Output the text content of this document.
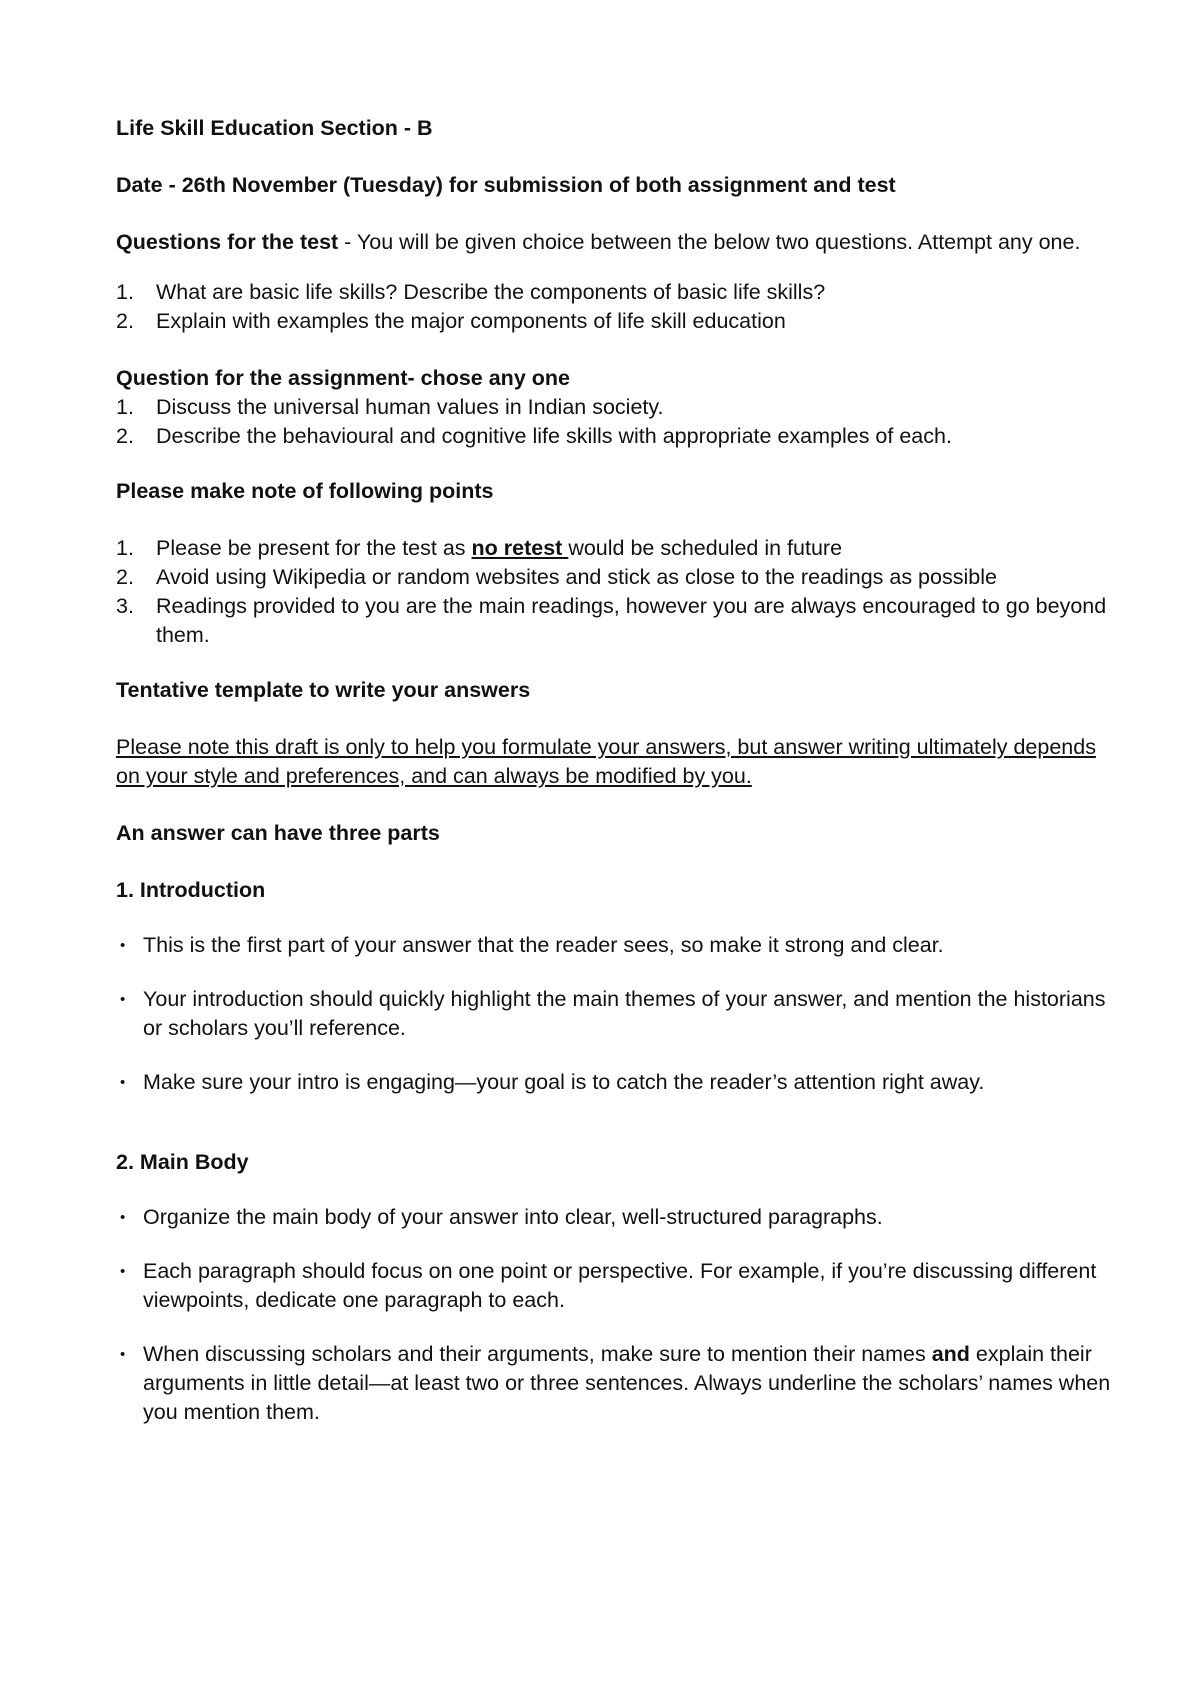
Life Skill Education Section - B

Date - 26th November (Tuesday) for submission of both assignment and test

Questions for the test - You will be given choice between the below two questions. Attempt any one.

1. What are basic life skills? Describe the components of basic life skills?
2. Explain with examples the major components of life skill education

Question for the assignment- chose any one

1. Discuss the universal human values in Indian society.
2. Describe the behavioural and cognitive life skills with appropriate examples of each.

Please make note of following points

1. Please be present for the test as no retest would be scheduled in future
2. Avoid using Wikipedia or random websites and stick as close to the readings as possible
3. Readings provided to you are the main readings, however you are always encouraged to go beyond them.

Tentative template to write your answers

Please note this draft is only to help you formulate your answers, but answer writing ultimately depends on your style and preferences, and can always be modified by you.

An answer can have three parts

1. Introduction

• This is the first part of your answer that the reader sees, so make it strong and clear.
• Your introduction should quickly highlight the main themes of your answer, and mention the historians or scholars you’ll reference.
• Make sure your intro is engaging—your goal is to catch the reader’s attention right away.

2. Main Body

• Organize the main body of your answer into clear, well-structured paragraphs.
• Each paragraph should focus on one point or perspective. For example, if you’re discussing different viewpoints, dedicate one paragraph to each.
• When discussing scholars and their arguments, make sure to mention their names and explain their arguments in little detail—at least two or three sentences. Always underline the scholars’ names when you mention them.
